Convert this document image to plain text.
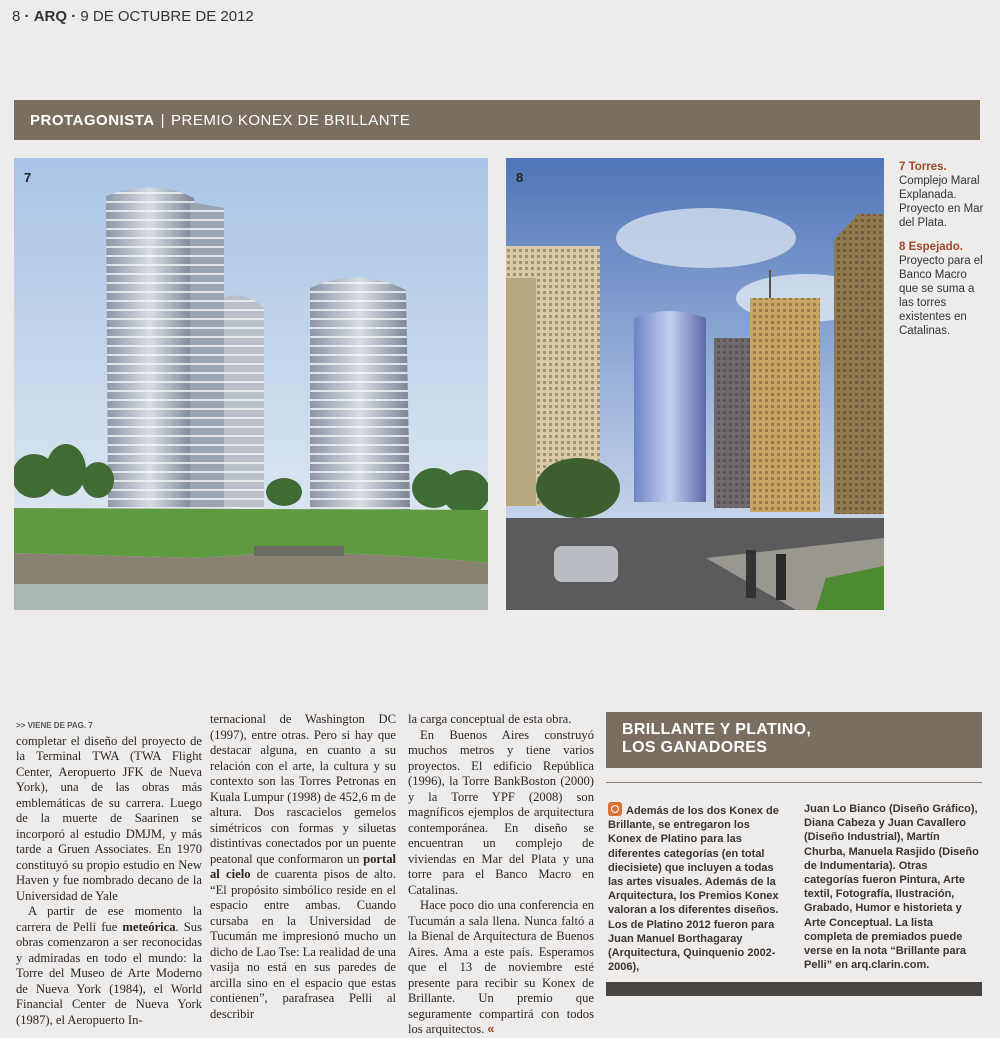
8 · ARQ · 9 DE OCTUBRE DE 2012
PROTAGONISTA | PREMIO KONEX DE BRILLANTE
7	8

7 Torres. Complejo Maral Explanada. Proyecto en Mar del Plata.

8 Espejado. Proyecto para el Banco Macro que se suma a las torres existentes en Catalinas.

>> VIENE DE PAG. 7

completar el diseño del proyecto de la Terminal TWA (TWA Flight Center, Aeropuerto JFK de Nueva York), una de las obras más emblemáticas de su carrera. Luego de la muerte de Saarinen se incorporó al estudio DMJM, y más tarde a Gruen Associates. En 1970 constituyó su propio estudio en New Haven y fue nombrado decano de la Universidad de Yale

A partir de ese momento la carrera de Pelli fue meteórica. Sus obras comenzaron a ser reconocidas y admiradas en todo el mundo: la Torre del Museo de Arte Moderno de Nueva York (1984), el World Financial Center de Nueva York (1987), el Aeropuerto In-

ternacional de Washington DC (1997), entre otras. Pero si hay que destacar alguna, en cuanto a su relación con el arte, la cultura y su contexto son las Torres Petronas en Kuala Lumpur (1998) de 452,6 m de altura. Dos rascacielos gemelos simétricos con formas y siluetas distintivas conectados por un puente peatonal que conformaron un portal al cielo de cuarenta pisos de alto. “El propósito simbólico reside en el espacio entre ambas. Cuando cursaba en la Universidad de Tucumán me impresionó mucho un dicho de Lao Tse: La realidad de una vasija no está en sus paredes de arcilla sino en el espacio que estas contienen”, parafrasea Pelli al describir

la carga conceptual de esta obra.

En Buenos Aires construyó muchos metros y tiene varios proyectos. El edificio República (1996), la Torre BankBoston (2000) y la Torre YPF (2008) son magníficos ejemplos de arquitectura contemporánea. En diseño se encuentran un complejo de viviendas en Mar del Plata y una torre para el Banco Macro en Catalinas.

Hace poco dio una conferencia en Tucumán a sala llena. Nunca faltó a la Bienal de Arquitectura de Buenos Aires. Ama a este país. Esperamos que el 13 de noviembre esté presente para recibir su Konex de Brillante. Un premio que seguramente compartirá con todos los arquitectos. «

BRILLANTE Y PLATINO,
LOS GANADORES
Además de los dos Konex de Brillante, se entregaron los Konex de Platino para las diferentes categorías (en total diecisiete) que incluyen a todas las artes visuales. Además de la Arquitectura, los Premios Konex valoran a los diferentes diseños. Los de Platino 2012 fueron para Juan Manuel Borthagaray (Arquitectura, Quinquenio 2002-2006),
Juan Lo Bianco (Diseño Gráfico), Diana Cabeza y Juan Cavallero (Diseño Industrial), Martín Churba, Manuela Rasjido (Diseño de Indumentaria). Otras categorías fueron Pintura, Arte textil, Fotografía, Ilustración, Grabado, Humor e historieta y Arte Conceptual. La lista completa de premiados puede verse en la nota “Brillante para Pelli” en arq.clarin.com.
